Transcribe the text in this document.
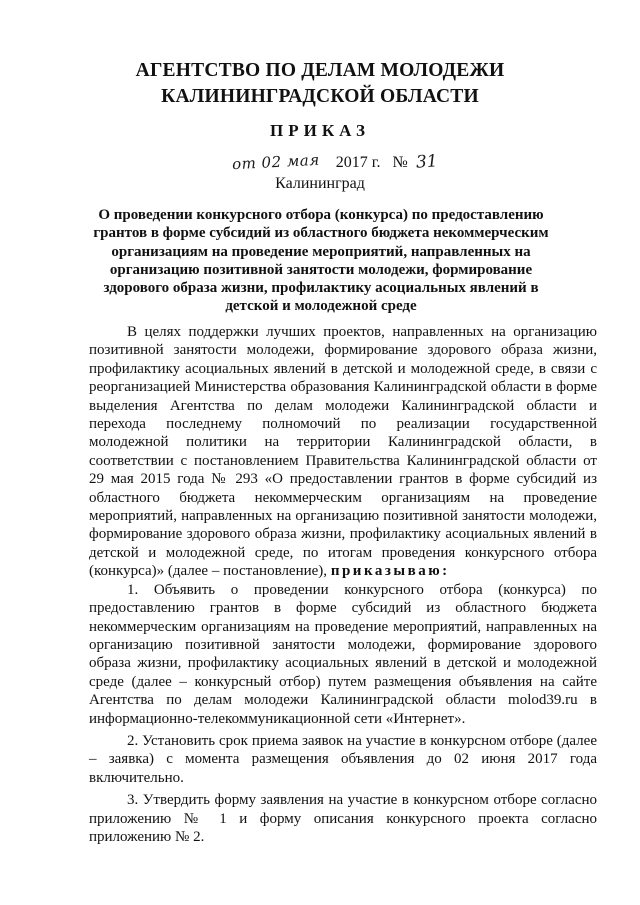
АГЕНТСТВО ПО ДЕЛАМ МОЛОДЕЖИ
КАЛИНИНГРАДСКОЙ ОБЛАСТИ
ПРИКАЗ
от 02 мая 2017 г. № 31
Калининград
О проведении конкурсного отбора (конкурса) по предоставлению грантов в форме субсидий из областного бюджета некоммерческим организациям на проведение мероприятий, направленных на организацию позитивной занятости молодежи, формирование здорового образа жизни, профилактику асоциальных явлений в детской и молодежной среде

В целях поддержки лучших проектов, направленных на организацию позитивной занятости молодежи, формирование здорового образа жизни, профилактику асоциальных явлений в детской и молодежной среде, в связи с реорганизацией Министерства образования Калининградской области в форме выделения Агентства по делам молодежи Калининградской области и перехода последнему полномочий по реализации государственной молодежной политики на территории Калининградской области, в соответствии с постановлением Правительства Калининградской области от 29 мая 2015 года № 293 «О предоставлении грантов в форме субсидий из областного бюджета некоммерческим организациям на проведение мероприятий, направленных на организацию позитивной занятости молодежи, формирование здорового образа жизни, профилактику асоциальных явлений в детской и молодежной среде, по итогам проведения конкурсного отбора (конкурса)» (далее – постановление), приказываю:

1. Объявить о проведении конкурсного отбора (конкурса) по предоставлению грантов в форме субсидий из областного бюджета некоммерческим организациям на проведение мероприятий, направленных на организацию позитивной занятости молодежи, формирование здорового образа жизни, профилактику асоциальных явлений в детской и молодежной среде (далее – конкурсный отбор) путем размещения объявления на сайте Агентства по делам молодежи Калининградской области molod39.ru в информационно-телекоммуникационной сети «Интернет».

2. Установить срок приема заявок на участие в конкурсном отборе (далее – заявка) с момента размещения объявления до 02 июня 2017 года включительно.

3. Утвердить форму заявления на участие в конкурсном отборе согласно приложению № 1 и форму описания конкурсного проекта согласно приложению № 2.
